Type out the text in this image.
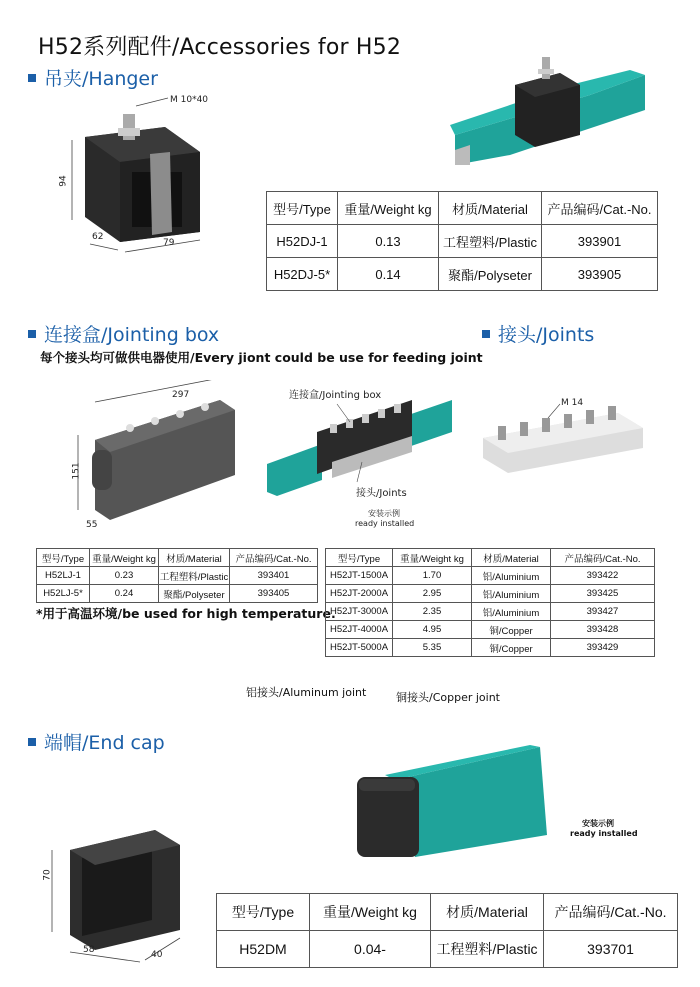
H52系列配件/Accessories for H52
吊夹/Hanger
M 10*40
94
62
79
型号/Type	重量/Weight kg	材质/Material	产品编码/Cat.-No.
H52DJ-1	0.13	工程塑料/Plastic	393901
H52DJ-5*	0.14	聚酯/Polyseter	393905
连接盒/Jointing box	接头/Joints
每个接头均可做供电器使用/Every jiont could be use for feeding joint
297
151
55
连接盒/Jointing box
接头/Joints
安装示例
ready installed
M 14
型号/Type	重量/Weight kg	材质/Material	产品编码/Cat.-No.
H52LJ-1	0.23	工程塑料/Plastic	393401
H52LJ-5*	0.24	聚酯/Polyseter	393405
*用于高温环境/be used for high temperature.
型号/Type	重量/Weight kg	材质/Material	产品编码/Cat.-No.
H52JT-1500A	1.70	铝/Aluminium	393422
H52JT-2000A	2.95	铝/Aluminium	393425
H52JT-3000A	2.35	铝/Aluminium	393427
H52JT-4000A	4.95	铜/Copper	393428
H52JT-5000A	5.35	铜/Copper	393429
铝接头/Aluminum joint	铜接头/Copper joint
端帽/End cap
安装示例
ready installed
70
58	40
型号/Type	重量/Weight kg	材质/Material	产品编码/Cat.-No.
H52DM	0.04-	工程塑料/Plastic	393701
